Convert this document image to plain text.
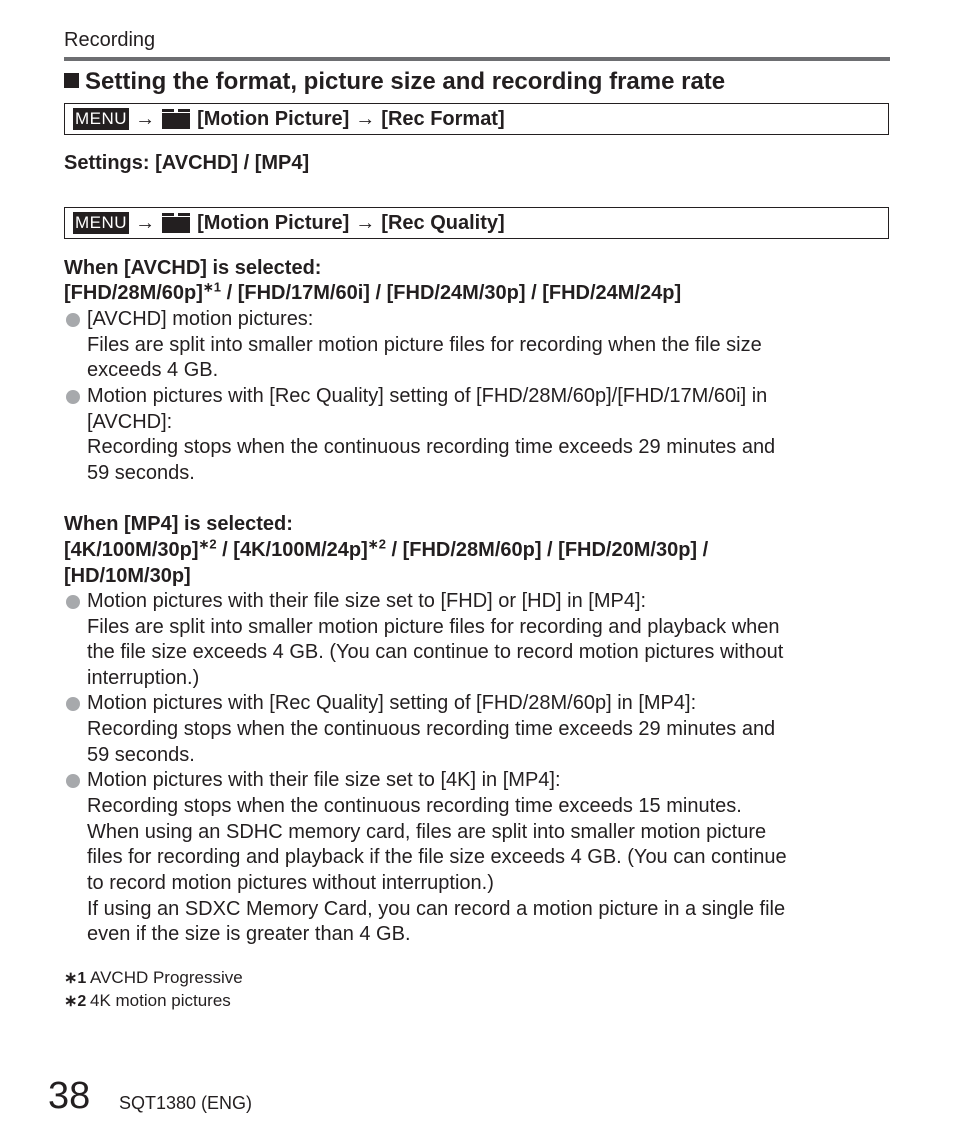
Recording
Setting the format, picture size and recording frame rate
MENU → [Motion Picture] → [Rec Format]
Settings: [AVCHD] / [MP4]
MENU → [Motion Picture] → [Rec Quality]
When [AVCHD] is selected:
$[FHD/28M/60p]^{∗1} / [FHD/17M/60i] / [FHD/24M/30p] / [FHD/24M/24p]$
[AVCHD] motion pictures:
Files are split into smaller motion picture files for recording when the file size
exceeds 4 GB.
Motion pictures with [Rec Quality] setting of [FHD/28M/60p]/[FHD/17M/60i] in
[AVCHD]:
Recording stops when the continuous recording time exceeds 29 minutes and
59 seconds.
When [MP4] is selected:
$[4K/100M/30p]^{∗2} / [4K/100M/24p]^{∗2} / [FHD/28M/60p] / [FHD/20M/30p]$ /
[HD/10M/30p]
Motion pictures with their file size set to [FHD] or [HD] in [MP4]:
Files are split into smaller motion picture files for recording and playback when
the file size exceeds 4 GB. (You can continue to record motion pictures without
interruption.)
Motion pictures with [Rec Quality] setting of [FHD/28M/60p] in [MP4]:
Recording stops when the continuous recording time exceeds 29 minutes and
59 seconds.
Motion pictures with their file size set to [4K] in [MP4]:
Recording stops when the continuous recording time exceeds 15 minutes.
When using an SDHC memory card, files are split into smaller motion picture
files for recording and playback if the file size exceeds 4 GB. (You can continue
to record motion pictures without interruption.)
If using an SDXC Memory Card, you can record a motion picture in a single file
even if the size is greater than 4 GB.
∗1 AVCHD Progressive
∗2 4K motion pictures
38 SQT1380 (ENG)
